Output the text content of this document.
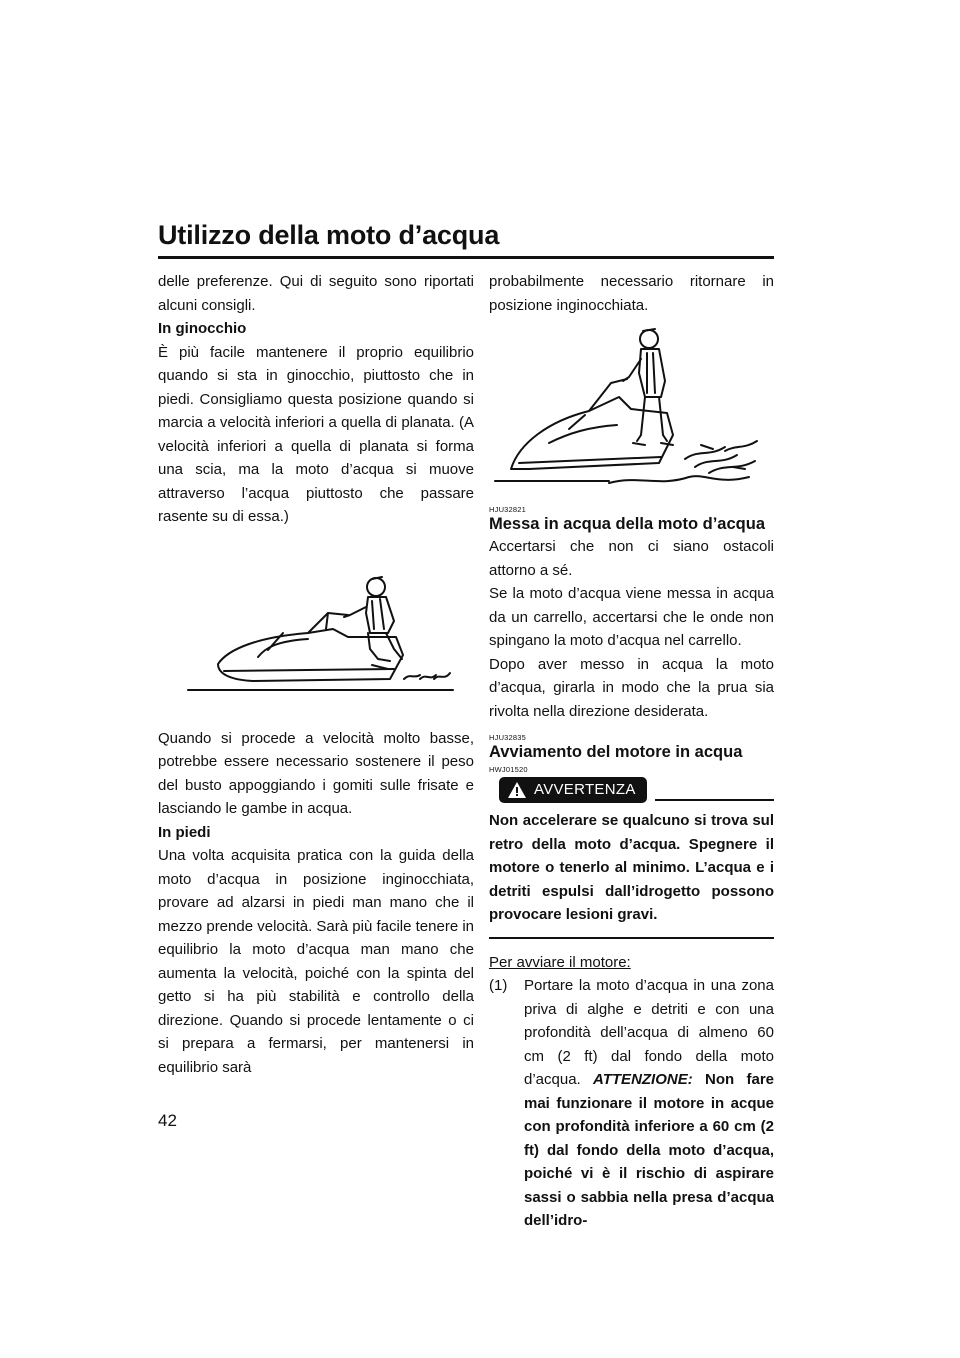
Utilizzo della moto d’acqua

delle preferenze. Qui di seguito sono riportati alcuni consigli.

In ginocchio

È più facile mantenere il proprio equilibrio quando si sta in ginocchio, piuttosto che in piedi. Consigliamo questa posizione quando si marcia a velocità inferiori a quella di planata. (A velocità inferiori a quella di planata si forma una scia, ma la moto d’acqua si muove attraverso l’acqua piuttosto che passare rasente su di essa.)

Quando si procede a velocità molto basse, potrebbe essere necessario sostenere il peso del busto appoggiando i gomiti sulle frisate e lasciando le gambe in acqua.

In piedi

Una volta acquisita pratica con la guida della moto d’acqua in posizione inginocchiata, provare ad alzarsi in piedi man mano che il mezzo prende velocità. Sarà più facile tenere in equilibrio la moto d’acqua man mano che aumenta la velocità, poiché con la spinta del getto si ha più stabilità e controllo della direzione. Quando si procede lentamente o ci si prepara a fermarsi, per mantenersi in equilibrio sarà

probabilmente necessario ritornare in posizione inginocchiata.

HJU32821
Messa in acqua della moto d’acqua

Accertarsi che non ci siano ostacoli attorno a sé.

Se la moto d’acqua viene messa in acqua da un carrello, accertarsi che le onde non spingano la moto d’acqua nel carrello.

Dopo aver messo in acqua la moto d’acqua, girarla in modo che la prua sia rivolta nella direzione desiderata.

HJU32835
Avviamento del motore in acqua
HWJ01520
AVVERTENZA

Non accelerare se qualcuno si trova sul retro della moto d’acqua. Spegnere il motore o tenerlo al minimo. L’acqua e i detriti espulsi dall’idrogetto possono provocare lesioni gravi.

Per avviare il motore:
(1)	Portare la moto d’acqua in una zona priva di alghe e detriti e con una profondità dell’acqua di almeno 60 cm (2 ft) dal fondo della moto d’acqua. ATTENZIONE: Non fare mai funzionare il motore in acque con profondità inferiore a 60 cm (2 ft) dal fondo della moto d’acqua, poiché vi è il rischio di aspirare sassi o sabbia nella presa d’acqua dell’idro-
42
